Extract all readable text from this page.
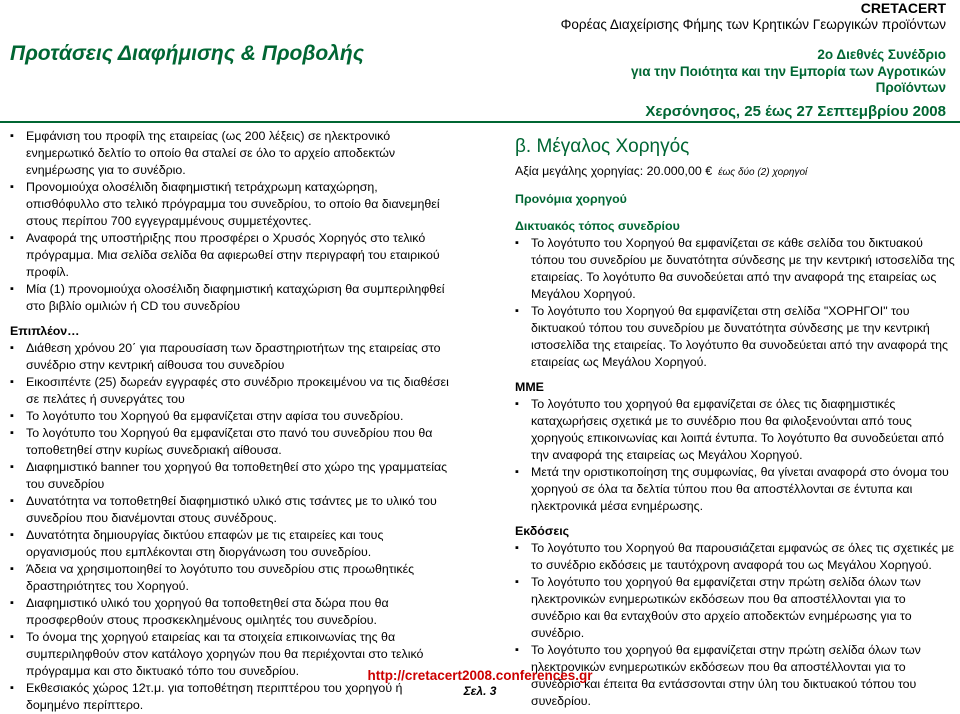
Προτάσεις Διαφήμισης & Προβολής
CRETACERT
Φορέας Διαχείρισης Φήμης των Κρητικών Γεωργικών προϊόντων
2ο Διεθνές Συνέδριο
για την Ποιότητα και την Εμπορία των Αγροτικών
Προϊόντων
Χερσόνησος, 25 έως 27 Σεπτεμβρίου 2008
▪ Εμφάνιση του προφίλ της εταιρείας (ως 200 λέξεις) σε ηλεκτρονικό ενημερωτικό δελτίο το οποίο θα σταλεί σε όλο το αρχείο αποδεκτών ενημέρωσης για το συνέδριο.
▪ Προνομιούχα ολοσέλιδη διαφημιστική τετράχρωμη καταχώρηση, οπισθόφυλλο στο τελικό πρόγραμμα του συνεδρίου, το οποίο θα διανεμηθεί στους περίπου 700 εγγεγραμμένους συμμετέχοντες.
▪ Αναφορά της υποστήριξης που προσφέρει ο Χρυσός Χορηγός στο τελικό πρόγραμμα. Μια σελίδα σελίδα θα αφιερωθεί στην περιγραφή του εταιρικού προφίλ.
▪ Μία (1) προνομιούχα ολοσέλιδη διαφημιστική καταχώριση θα συμπεριληφθεί στο βιβλίο ομιλιών ή CD του συνεδρίου
Επιπλέον…
▪ Διάθεση χρόνου 20΄ για παρουσίαση των δραστηριοτήτων της εταιρείας στο συνέδριο στην κεντρική αίθουσα του συνεδρίου
▪ Εικοσιπέντε (25) δωρεάν εγγραφές στο συνέδριο προκειμένου να τις διαθέσει σε πελάτες ή συνεργάτες του
▪ Το λογότυπο του Χορηγού θα εμφανίζεται στην αφίσα του συνεδρίου.
▪ Το λογότυπο του Χορηγού θα εμφανίζεται στο πανό του συνεδρίου που θα τοποθετηθεί στην κυρίως συνεδριακή αίθουσα.
▪ Διαφημιστικό banner του χορηγού θα τοποθετηθεί στο χώρο της γραμματείας του συνεδρίου
▪ Δυνατότητα να τοποθετηθεί διαφημιστικό υλικό στις τσάντες με το υλικό του συνεδρίου που διανέμονται στους συνέδρους.
▪ Δυνατότητα δημιουργίας δικτύου επαφών με τις εταιρείες και τους οργανισμούς που εμπλέκονται στη διοργάνωση του συνεδρίου.
▪ Άδεια να χρησιμοποιηθεί το λογότυπο του συνεδρίου στις προωθητικές δραστηριότητες του Χορηγού.
▪ Διαφημιστικό υλικό του χορηγού θα τοποθετηθεί στα δώρα που θα προσφερθούν στους προσκεκλημένους ομιλητές του συνεδρίου.
▪ Το όνομα της χορηγού εταιρείας και τα στοιχεία επικοινωνίας της θα συμπεριληφθούν στον κατάλογο χορηγών που θα περιέχονται στο τελικό πρόγραμμα και στο δικτυακό τόπο του συνεδρίου.
▪ Εκθεσιακός χώρος 12τ.μ. για τοποθέτηση περιπτέρου του χορηγού ή δομημένο περίπτερο.
β. Μέγαλος Χορηγός
Αξία μεγάλης χορηγίας: 20.000,00 € έως δύο (2) χορηγοί
Προνόμια χορηγού
Δικτυακός τόπος συνεδρίου
▪ Το λογότυπο του Χορηγού θα εμφανίζεται σε κάθε σελίδα του δικτυακού τόπου του συνεδρίου με δυνατότητα σύνδεσης με την κεντρική ιστοσελίδα της εταιρείας. Το λογότυπο θα συνοδεύεται από την αναφορά της εταιρείας ως Μεγάλου Χορηγού.
▪ Το λογότυπο του Χορηγού θα εμφανίζεται στη σελίδα "ΧΟΡΗΓΟΙ" του δικτυακού τόπου του συνεδρίου με δυνατότητα σύνδεσης με την κεντρική ιστοσελίδα της εταιρείας. Το λογότυπο θα συνοδεύεται από την αναφορά της εταιρείας ως Μεγάλου Χορηγού.
ΜΜΕ
▪ Το λογότυπο του χορηγού θα εμφανίζεται σε όλες τις διαφημιστικές καταχωρήσεις σχετικά με το συνέδριο που θα φιλοξενούνται από τους χορηγούς επικοινωνίας και λοιπά έντυπα. Το λογότυπο θα συνοδεύεται από την αναφορά της εταιρείας ως Μεγάλου Χορηγού.
▪ Μετά την οριστικοποίηση της συμφωνίας, θα γίνεται αναφορά στο όνομα του χορηγού σε όλα τα δελτία τύπου που θα αποστέλλονται σε έντυπα και ηλεκτρονικά μέσα ενημέρωσης.
Εκδόσεις
▪ Το λογότυπο του Χορηγού θα παρουσιάζεται εμφανώς σε όλες τις σχετικές με το συνέδριο εκδόσεις με ταυτόχρονη αναφορά του ως Μεγάλου Χορηγού.
▪ Το λογότυπο του χορηγού θα εμφανίζεται στην πρώτη σελίδα όλων των ηλεκτρονικών ενημερωτικών εκδόσεων που θα αποστέλλονται για το συνέδριο και θα ενταχθούν στο αρχείο αποδεκτών ενημέρωσης για το συνέδριο.
▪ Το λογότυπο του χορηγού θα εμφανίζεται στην πρώτη σελίδα όλων των ηλεκτρονικών ενημερωτικών εκδόσεων που θα αποστέλλονται για το συνέδριο και έπειτα θα εντάσσονται στην ύλη του δικτυακού τόπου του συνεδρίου.
http://cretacert2008.conferences.gr
Σελ. 3
